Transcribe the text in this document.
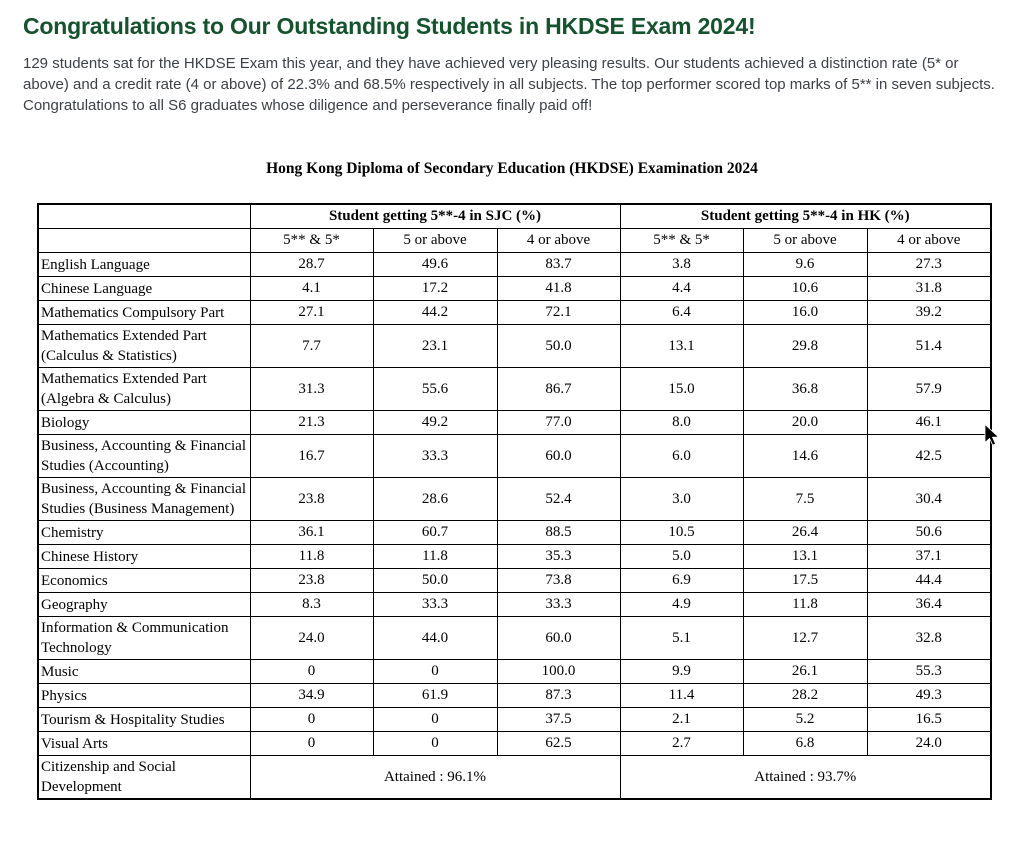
Congratulations to Our Outstanding Students in HKDSE Exam 2024!

129 students sat for the HKDSE Exam this year, and they have achieved very pleasing results. Our students achieved a distinction rate (5* or above) and a credit rate (4 or above) of 22.3% and 68.5% respectively in all subjects. The top performer scored top marks of 5** in seven subjects. Congratulations to all S6 graduates whose diligence and perseverance finally paid off!

Hong Kong Diploma of Secondary Education (HKDSE) Examination 2024
	Student getting 5**-4 in SJC (%)			Student getting 5**-4 in HK (%)		
	5** & 5*	5 or above	4 or above	5** & 5*	5 or above	4 or above
English Language	28.7	49.6	83.7	3.8	9.6	27.3
Chinese Language	4.1	17.2	41.8	4.4	10.6	31.8
Mathematics Compulsory Part	27.1	44.2	72.1	6.4	16.0	39.2
Mathematics Extended Part (Calculus & Statistics)	7.7	23.1	50.0	13.1	29.8	51.4
Mathematics Extended Part (Algebra & Calculus)	31.3	55.6	86.7	15.0	36.8	57.9
Biology	21.3	49.2	77.0	8.0	20.0	46.1
Business, Accounting & Financial Studies (Accounting)	16.7	33.3	60.0	6.0	14.6	42.5
Business, Accounting & Financial Studies (Business Management)	23.8	28.6	52.4	3.0	7.5	30.4
Chemistry	36.1	60.7	88.5	10.5	26.4	50.6
Chinese History	11.8	11.8	35.3	5.0	13.1	37.1
Economics	23.8	50.0	73.8	6.9	17.5	44.4
Geography	8.3	33.3	33.3	4.9	11.8	36.4
Information & Communication Technology	24.0	44.0	60.0	5.1	12.7	32.8
Music	0	0	100.0	9.9	26.1	55.3
Physics	34.9	61.9	87.3	11.4	28.2	49.3
Tourism & Hospitality Studies	0	0	37.5	2.1	5.2	16.5
Visual Arts	0	0	62.5	2.7	6.8	24.0
Citizenship and Social Development	Attained : 96.1%			Attained : 93.7%		
